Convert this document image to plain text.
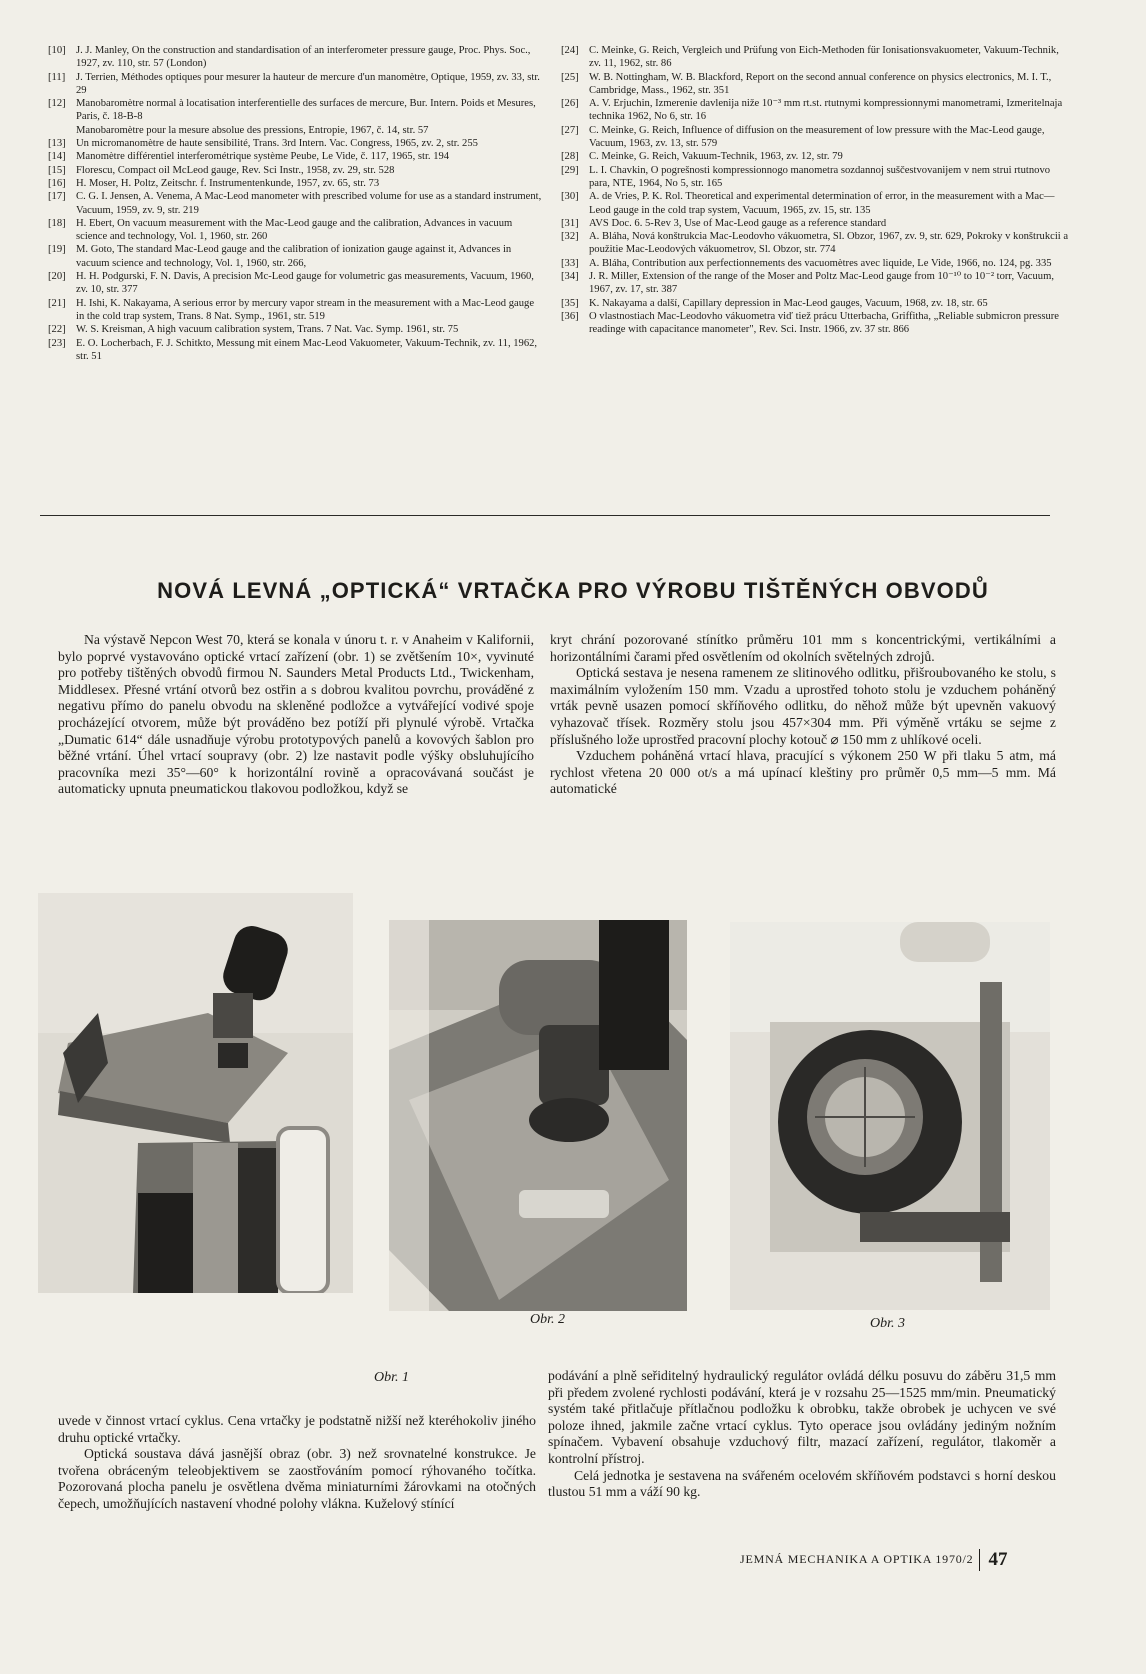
[10] J. J. Manley, On the construction and standardisation of an interferometer pressure gauge, Proc. Phys. Soc., 1927, zv. 110, str. 57 (London)
[11]	J. Terrien, Méthodes optiques pour mesurer la hauteur de mercure d'un manomètre, Optique, 1959, zv. 33, str. 29
[12] Manobaromètre normal à locatisation interferentielle des surfaces de mercure, Bur. Intern. Poids et Mesures, Paris, č. 18-B-8
Manobaromètre pour la mesure absolue des pressions, Entropie, 1967, č. 14, str. 57
[13] Un micromanomètre de haute sensibilité, Trans. 3rd Intern. Vac. Congress, 1965, zv. 2, str. 255
[14] Manomètre différentiel interferométrique système Peube, Le Vide, č. 117, 1965, str. 194
[15] Florescu, Compact oil McLeod gauge, Rev. Sci Instr., 1958, zv. 29, str. 528
[16] H. Moser, H. Poltz, Zeitschr. f. Instrumentenkunde, 1957, zv. 65, str. 73
[17] C. G. I. Jensen, A. Venema, A Mac-Leod manometer with prescribed volume for use as a standard instrument, Vacuum, 1959, zv. 9, str. 219
[18] H. Ebert, On vacuum measurement with the Mac-Leod gauge and the calibration, Advances in vacuum science and technology, Vol. 1, 1960, str. 260
[19] M. Goto, The standard Mac-Leod gauge and the calibration of ionization gauge against it, Advances in vacuum science and technology, Vol. 1, 1960, str. 266,
[20] H. H. Podgurski, F. N. Davis, A precision Mc-Leod gauge for volumetric gas measurements, Vacuum, 1960, zv. 10, str. 377
[21] H. Ishi, K. Nakayama, A serious error by mercury vapor stream in the measurement with a Mac-Leod gauge in the cold trap system, Trans. 8 Nat. Symp., 1961, str. 519
[22] W. S. Kreisman, A high vacuum calibration system, Trans. 7 Nat. Vac. Symp. 1961, str. 75
[23] E. O. Locherbach, F. J. Schitkto, Messung mit einem Mac-Leod Vakuometer, Vakuum-Technik, zv. 11, 1962, str. 51
[24] C. Meinke, G. Reich, Vergleich und Prüfung von Eich-Methoden für Ionisationsvakuometer, Vakuum-Technik, zv. 11, 1962, str. 86
[25] W. B. Nottingham, W. B. Blackford, Report on the second annual conference on physics electronics, M. I. T., Cambridge, Mass., 1962, str. 351
[26] A. V. Erjuchin, Izmerenie davlenija niže 10⁻³ mm rt.st. rtutnymi kompressionnymi manometrami, Izmeritelnaja technika 1962, No 6, str. 16
[27] C. Meinke, G. Reich, Influence of diffusion on the measurement of low pressure with the Mac-Leod gauge, Vacuum, 1963, zv. 13, str. 579
[28] C. Meinke, G. Reich, Vakuum-Technik, 1963, zv. 12, str. 79
[29] L. I. Chavkin, O pogrešnosti kompressionnogo manometra sozdannoj suščestvovanijem v nem strui rtutnovo para, NTE, 1964, No 5, str. 165
[30] A. de Vries, P. K. Rol. Theoretical and experimental determination of error, in the measurement with a Mac—Leod gauge in the cold trap system, Vacuum, 1965, zv. 15, str. 135
[31] AVS Doc. 6. 5-Rev 3, Use of Mac-Leod gauge as a reference standard
[32] A. Bláha, Nová konštrukcia Mac-Leodovho vákuometra, Sl. Obzor, 1967, zv. 9, str. 629, Pokroky v konštrukcii a použitie Mac-Leodových vákuometrov, Sl. Obzor, str. 774
[33] A. Bláha, Contribution aux perfectionnements des vacuomètres avec liquide, Le Vide, 1966, no. 124, pg. 335
[34] J. R. Miller, Extension of the range of the Moser and Poltz Mac-Leod gauge from 10⁻¹⁰ to 10⁻² torr, Vacuum, 1967, zv. 17, str. 387
[35] K. Nakayama a další, Capillary depression in Mac-Leod gauges, Vacuum, 1968, zv. 18, str. 65
[36] O vlastnostiach Mac-Leodovho vákuometra viď tiež prácu Utterbacha, Griffitha, „Reliable submicron pressure readinge with capacitance manometer", Rev. Sci. Instr. 1966, zv. 37 str. 866
NOVÁ LEVNÁ „OPTICKÁ“ VRTAČKA PRO VÝROBU TIŠTĚNÝCH OBVODŮ

Na výstavě Nepcon West 70, která se konala v únoru t. r. v Anaheim v Kalifornii, bylo poprvé vystavováno optické vrtací zařízení (obr. 1) se zvětšením 10×, vyvinuté pro potřeby tištěných obvodů firmou N. Saunders Metal Products Ltd., Twickenham, Middlesex. Přesné vrtání otvorů bez ostřin a s dobrou kvalitou povrchu, prováděné z negativu přímo do panelu obvodu na skleněné podložce a vytvářející vodivé spoje procházející otvorem, může být prováděno bez potíží při plynulé výrobě. Vrtačka „Dumatic 614“ dále usnadňuje výrobu prototypových panelů a kovových šablon pro běžné vrtání. Úhel vrtací soupravy (obr. 2) lze nastavit podle výšky obsluhujícího pracovníka mezi 35°—60° k horizontální rovině a opracovávaná součást je automaticky upnuta pneumatickou tlakovou podložkou, když se

kryt chrání pozorované stínítko průměru 101 mm s koncentrickými, vertikálními a horizontálními čarami před osvětlením od okolních světelných zdrojů.

Optická sestava je nesena ramenem ze slitinového odlitku, přišroubovaného ke stolu, s maximálním vyložením 150 mm. Vzadu a uprostřed tohoto stolu je vzduchem poháněný vrták pevně usazen pomocí skříňového odlitku, do něhož může být upevněn vakuový vyhazovač třísek. Rozměry stolu jsou 457×304 mm. Při výměně vrtáku se sejme z příslušného lože uprostřed pracovní plochy kotouč ⌀ 150 mm z uhlíkové oceli.

Vzduchem poháněná vrtací hlava, pracující s výkonem 250 W při tlaku 5 atm, má rychlost vřetena 20 000 ot/s a má upínací kleštiny pro průměr 0,5 mm—5 mm. Má automatické

Obr. 1
Obr. 2	Obr. 3

uvede v činnost vrtací cyklus. Cena vrtačky je podstatně nižší než kteréhokoliv jiného druhu optické vrtačky.

Optická soustava dává jasnější obraz (obr. 3) než srovnatelné konstrukce. Je tvořena obráceným teleobjektivem se zaostřováním pomocí rýhovaného točítka. Pozorovaná plocha panelu je osvětlena dvěma miniaturními žárovkami na otočných čepech, umožňujících nastavení vhodné polohy vlákna. Kuželový stínící

podávání a plně seřiditelný hydraulický regulátor ovládá délku posuvu do záběru 31,5 mm při předem zvolené rychlosti podávání, která je v rozsahu 25—1525 mm/min. Pneumatický systém také přitlačuje přítlačnou podložku k obrobku, takže obrobek je uchycen ve své poloze ihned, jakmile začne vrtací cyklus. Tyto operace jsou ovládány jediným nožním spínačem. Vybavení obsahuje vzduchový filtr, mazací zařízení, regulátor, tlakoměr a kontrolní přístroj.

Celá jednotka je sestavena na svářeném ocelovém skříňovém podstavci s horní deskou tlustou 51 mm a váží 90 kg.

JEMNÁ MECHANIKA A OPTIKA 1970/2 47
